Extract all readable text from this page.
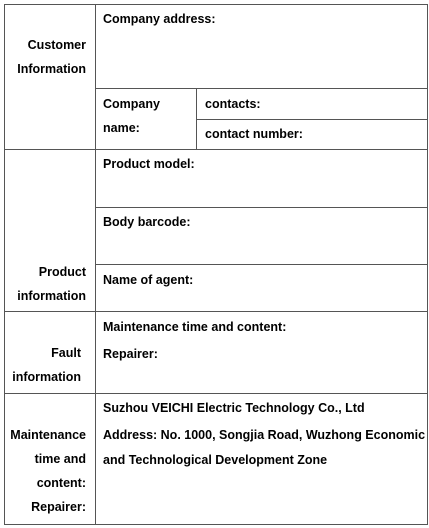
Customer
Information
Company address:
Company
name:
contacts:
contact number:
Product
information
Product model:
Body barcode:
Name of agent:
Fault
information
Maintenance time and content:
Repairer:
Maintenance
time and
content:
Repairer:
Suzhou VEICHI Electric Technology Co., Ltd
Address: No. 1000, Songjia Road, Wuzhong Economic
and Technological Development Zone
